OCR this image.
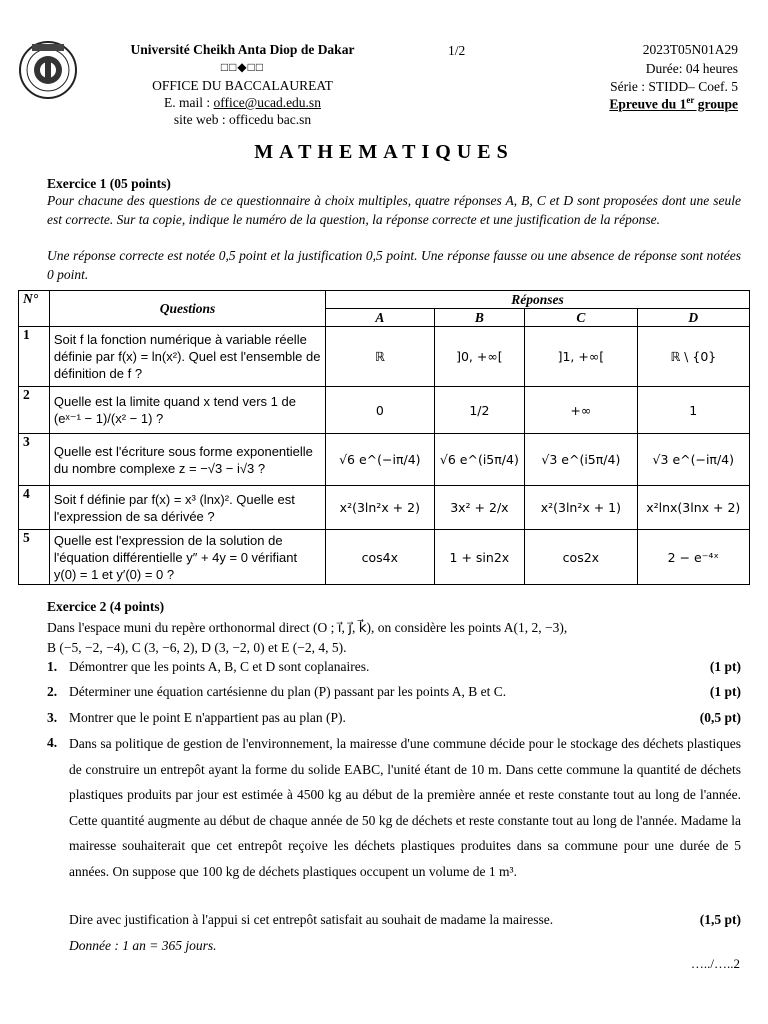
Université Cheikh Anta Diop de Dakar
□□◆□□
OFFICE DU BACCALAUREAT
E. mail : office@ucad.edu.sn
site web : officedu bac.sn
1/2	2023T05N01A29
Durée: 04 heures
Série : STIDD– Coef. 5
Epreuve du 1er groupe
MATHEMATIQUES
Exercice 1 (05 points)
Pour chacune des questions de ce questionnaire à choix multiples, quatre réponses A, B, C et D sont proposées dont une seule est correcte. Sur ta copie, indique le numéro de la question, la réponse correcte et une justification de la réponse.
Une réponse correcte est notée 0,5 point et la justification 0,5 point. Une réponse fausse ou une absence de réponse sont notées 0 point.
N°	Questions	Réponses			
		A	B	C	D
1	Soit f la fonction numérique à variable réelle définie par f(x) = ln(x²). Quel est l'ensemble de définition de f ?	ℝ	]0, +∞[	]1, +∞[	ℝ \ {0}
2	Quelle est la limite quand x tend vers 1 de (eˣ⁻¹ − 1)/(x² − 1) ?	0	1/2	+∞	1
3	Quelle est l'écriture sous forme exponentielle du nombre complexe z = −√3 − i√3 ?	√6 e^(−iπ/4)	√6 e^(i5π/4)	√3 e^(i5π/4)	√3 e^(−iπ/4)
4	Soit f définie par f(x) = x³ (lnx)². Quelle est l'expression de sa dérivée ?	x²(3ln²x + 2)	3x² + 2/x	x²(3ln²x + 1)	x²lnx(3lnx + 2)
5	Quelle est l'expression de la solution de l'équation différentielle y″ + 4y = 0 vérifiant y(0) = 1 et y′(0) = 0 ?	cos4x	1 + sin2x	cos2x	2 − e⁻⁴ˣ
Exercice 2 (4 points)
Dans l'espace muni du repère orthonormal direct (O ; i⃗, j⃗, k⃗), on considère les points A(1, 2, −3),
B (−5, −2, −4), C (3, −6, 2), D (3, −2, 0) et E (−2, 4, 5).
1. Démontrer que les points A, B, C et D sont coplanaires.	(1 pt)
2. Déterminer une équation cartésienne du plan (P) passant par les points A, B et C.	(1 pt)
3. Montrer que le point E n'appartient pas au plan (P).	(0,5 pt)
4. Dans sa politique de gestion de l'environnement, la mairesse d'une commune décide pour le stockage des déchets plastiques de construire un entrepôt ayant la forme du solide EABC, l'unité étant de 10 m. Dans cette commune la quantité de déchets plastiques produits par jour est estimée à 4500 kg au début de la première année et reste constante tout au long de l'année. Cette quantité augmente au début de chaque année de 50 kg de déchets et reste constante tout au long de l'année. Madame la mairesse souhaiterait que cet entrepôt reçoive les déchets plastiques produites dans sa commune pour une durée de 5 années. On suppose que 100 kg de déchets plastiques occupent un volume de 1 m³.
Dire avec justification à l'appui si cet entrepôt satisfait au souhait de madame la mairesse.	(1,5 pt)
Donnée : 1 an = 365 jours.
…../…..2
